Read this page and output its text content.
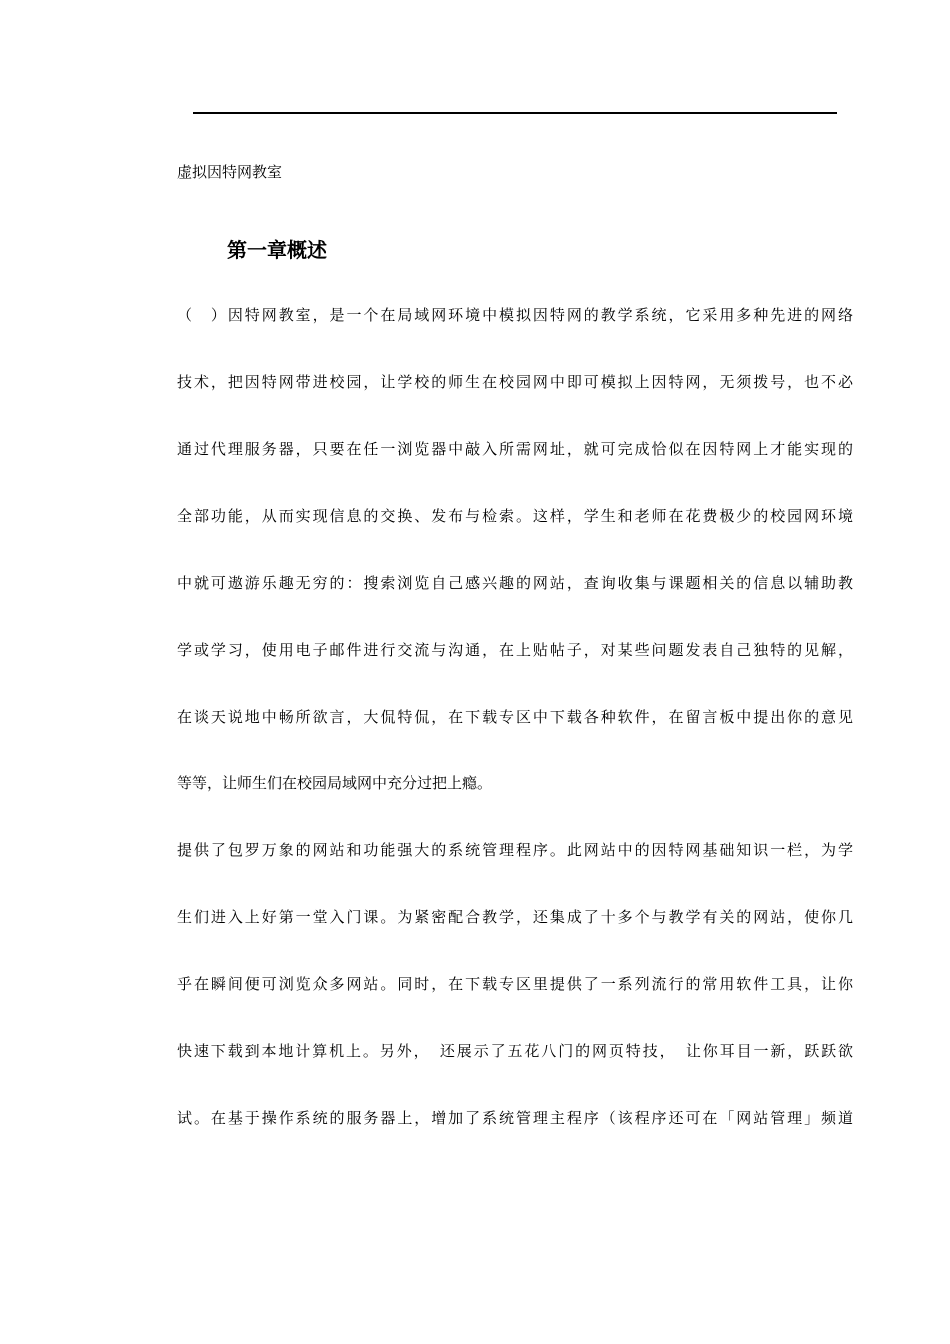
虚拟因特网教室
第一章概述
（　）因特网教室，是一个在局域网环境中模拟因特网的教学系统，它采用多种先进的网络
技术，把因特网带进校园，让学校的师生在校园网中即可模拟上因特网，无须拨号，也不必
通过代理服务器，只要在任一浏览器中敲入所需网址，就可完成恰似在因特网上才能实现的
全部功能，从而实现信息的交换、发布与检索。这样，学生和老师在花费极少的校园网环境
中就可遨游乐趣无穷的：搜索浏览自己感兴趣的网站，查询收集与课题相关的信息以辅助教
学或学习，使用电子邮件进行交流与沟通，在上贴帖子，对某些问题发表自己独特的见解，
在谈天说地中畅所欲言，大侃特侃，在下载专区中下载各种软件，在留言板中提出你的意见
等等，让师生们在校园局域网中充分过把上瘾。
提供了包罗万象的网站和功能强大的系统管理程序。此网站中的因特网基础知识一栏，为学
生们进入上好第一堂入门课。为紧密配合教学，还集成了十多个与教学有关的网站，使你几
乎在瞬间便可浏览众多网站。同时，在下载专区里提供了一系列流行的常用软件工具，让你
快速下载到本地计算机上。另外，　还展示了五花八门的网页特技，　让你耳目一新，跃跃欲
试。在基于操作系统的服务器上，增加了系统管理主程序（该程序还可在「网站管理」频道
